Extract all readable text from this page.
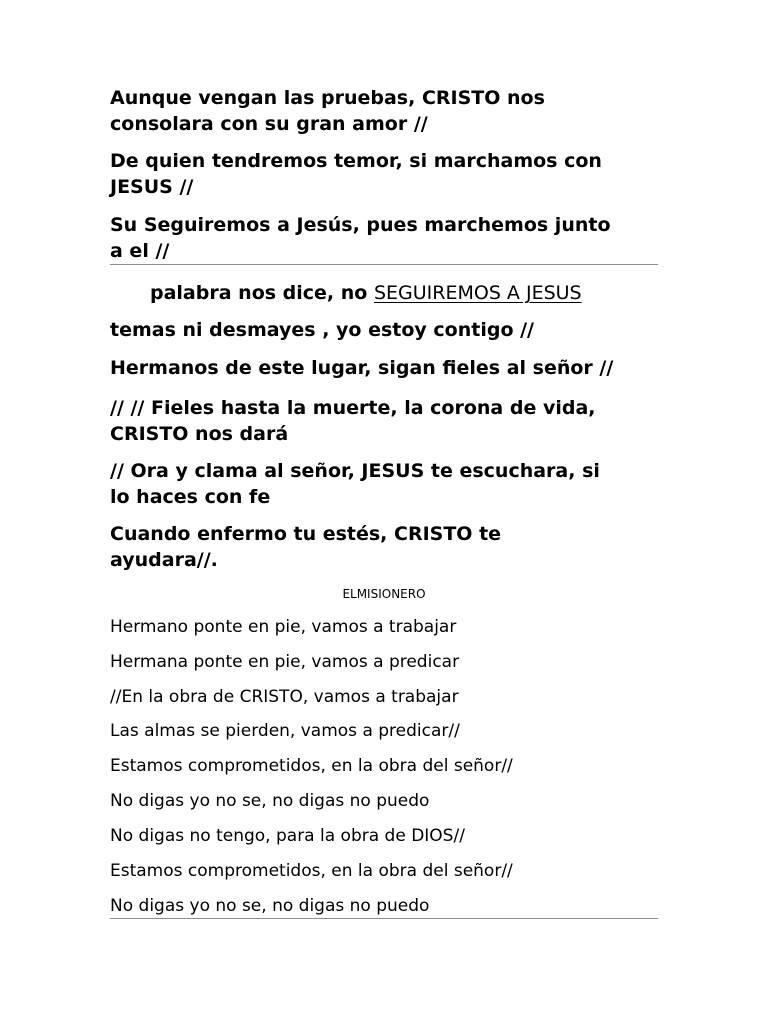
Aunque vengan las pruebas, CRISTO nos

consolara con su gran amor //

De quien tendremos temor, si marchamos con

JESUS //

Su Seguiremos a Jesús, pues marchemos junto

a el //

palabra nos dice, no SEGUIREMOS A JESUS

temas ni desmayes , yo estoy contigo //

Hermanos de este lugar, sigan fieles al señor //

// // Fieles hasta la muerte, la corona de vida,

CRISTO nos dará

// Ora y clama al señor, JESUS te escuchara, si

lo haces con fe

Cuando enfermo tu estés, CRISTO te

ayudara//.

ELMISIONERO

Hermano ponte en pie, vamos a trabajar

Hermana ponte en pie, vamos a predicar

//En la obra de CRISTO, vamos a trabajar

Las almas se pierden, vamos a predicar//

Estamos comprometidos, en la obra del señor//

No digas yo no se, no digas no puedo

No digas no tengo, para la obra de DIOS//

Estamos comprometidos, en la obra del señor//

No digas yo no se, no digas no puedo
